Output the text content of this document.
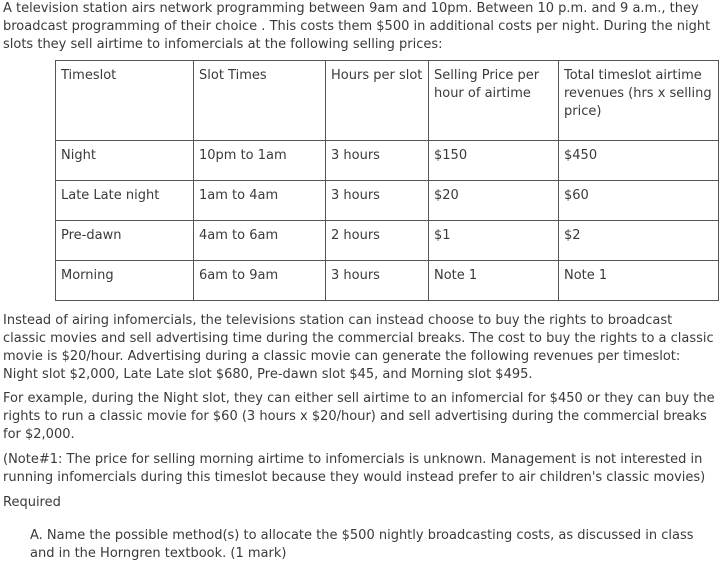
A television station airs network programming between 9am and 10pm. Between 10 p.m. and 9 a.m., they broadcast programming of their choice . This costs them $500 in additional costs per night. During the night slots they sell airtime to infomercials at the following selling prices:

Timeslot	Slot Times	Hours per slot	Selling Price per hour of airtime	Total timeslot airtime revenues (hrs x selling price)
Night	10pm to 1am	3 hours	$150	$450
Late Late night	1am to 4am	3 hours	$20	$60
Pre-dawn	4am to 6am	2 hours	$1	$2
Morning	6am to 9am	3 hours	Note 1	Note 1

Instead of airing infomercials, the televisions station can instead choose to buy the rights to broadcast classic movies and sell advertising time during the commercial breaks. The cost to buy the rights to a classic movie is $20/hour. Advertising during a classic movie can generate the following revenues per timeslot: Night slot $2,000, Late Late slot $680, Pre-dawn slot $45, and Morning slot $495.

For example, during the Night slot, they can either sell airtime to an infomercial for $450 or they can buy the rights to run a classic movie for $60 (3 hours x $20/hour) and sell advertising during the commercial breaks for $2,000.

(Note#1: The price for selling morning airtime to infomercials is unknown. Management is not interested in running infomercials during this timeslot because they would instead prefer to air children's classic movies)

Required

A. Name the possible method(s) to allocate the $500 nightly broadcasting costs, as discussed in class and in the Horngren textbook. (1 mark)
